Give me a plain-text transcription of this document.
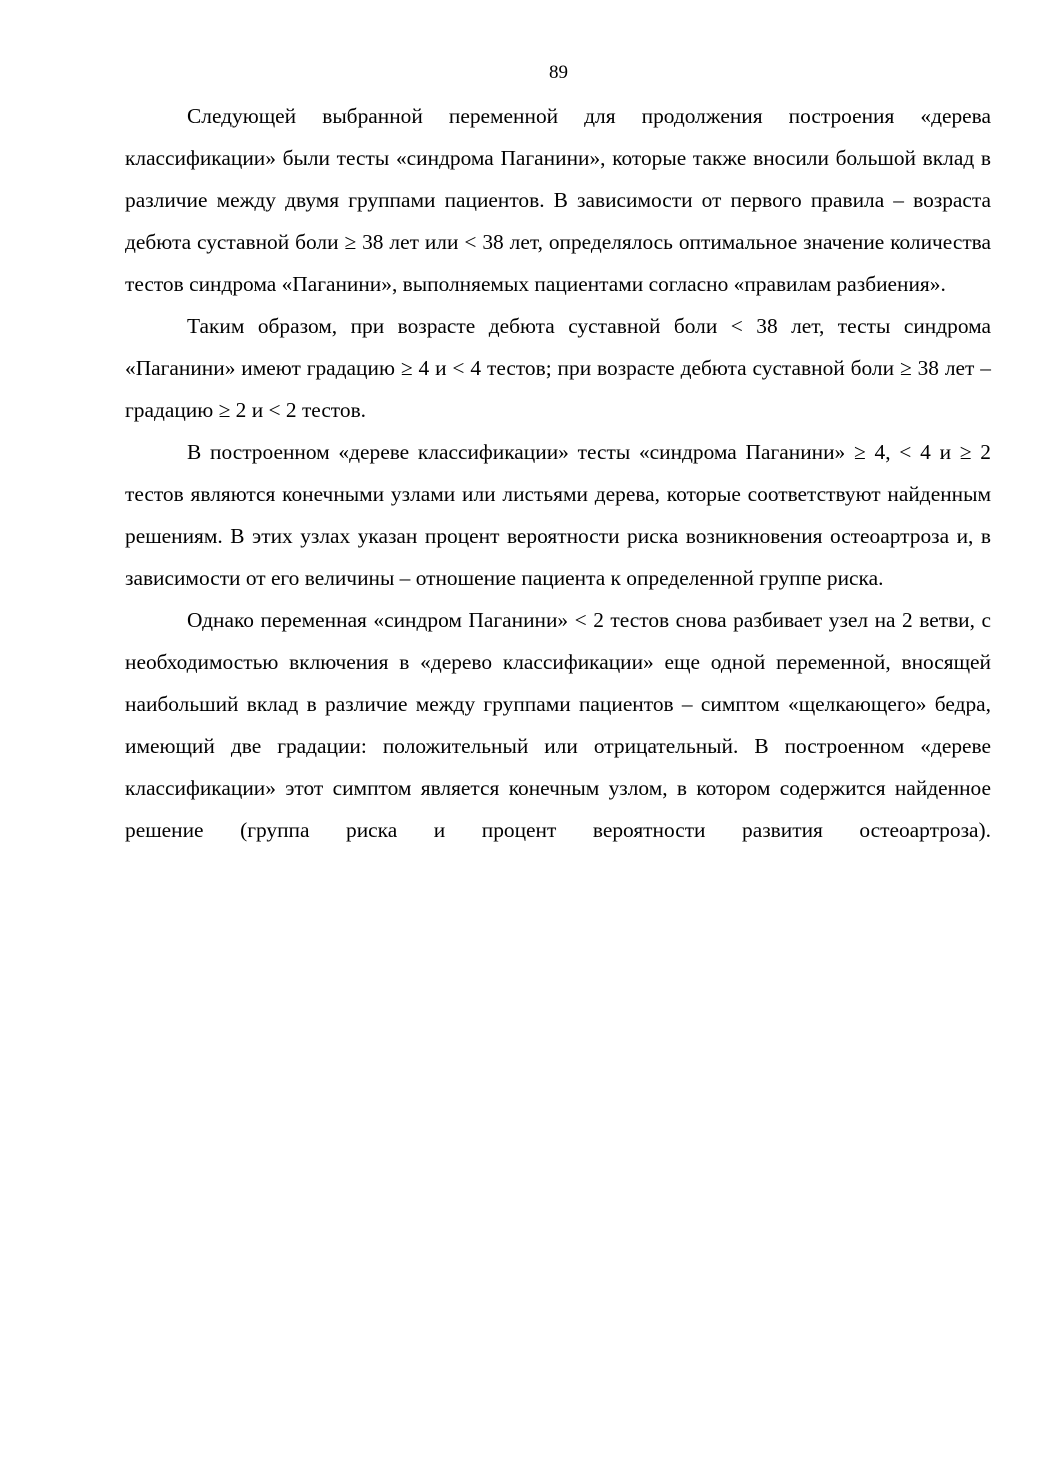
89

Следующей выбранной переменной для продолжения построения «дерева классификации» были тесты «синдрома Паганини», которые также вносили большой вклад в различие между двумя группами пациентов. В зависимости от первого правила – возраста дебюта суставной боли ≥ 38 лет или < 38 лет, определялось оптимальное значение количества тестов синдрома «Паганини», выполняемых пациентами согласно «правилам разбиения».

Таким образом, при возрасте дебюта суставной боли < 38 лет, тесты синдрома «Паганини» имеют градацию ≥ 4 и < 4 тестов; при возрасте дебюта суставной боли ≥ 38 лет – градацию ≥ 2 и < 2 тестов.

В построенном «дереве классификации» тесты «синдрома Паганини» ≥ 4, < 4 и ≥ 2 тестов являются конечными узлами или листьями дерева, которые соответствуют найденным решениям. В этих узлах указан процент вероятности риска возникновения остеоартроза и, в зависимости от его величины – отношение пациента к определенной группе риска.

Однако переменная «синдром Паганини» < 2 тестов снова разбивает узел на 2 ветви, с необходимостью включения в «дерево классификации» еще одной переменной, вносящей наибольший вклад в различие между группами пациентов – симптом «щелкающего» бедра, имеющий две градации: положительный или отрицательный. В построенном «дереве классификации» этот симптом является конечным узлом, в котором содержится найденное решение (группа риска и процент вероятности развития остеоартроза).
